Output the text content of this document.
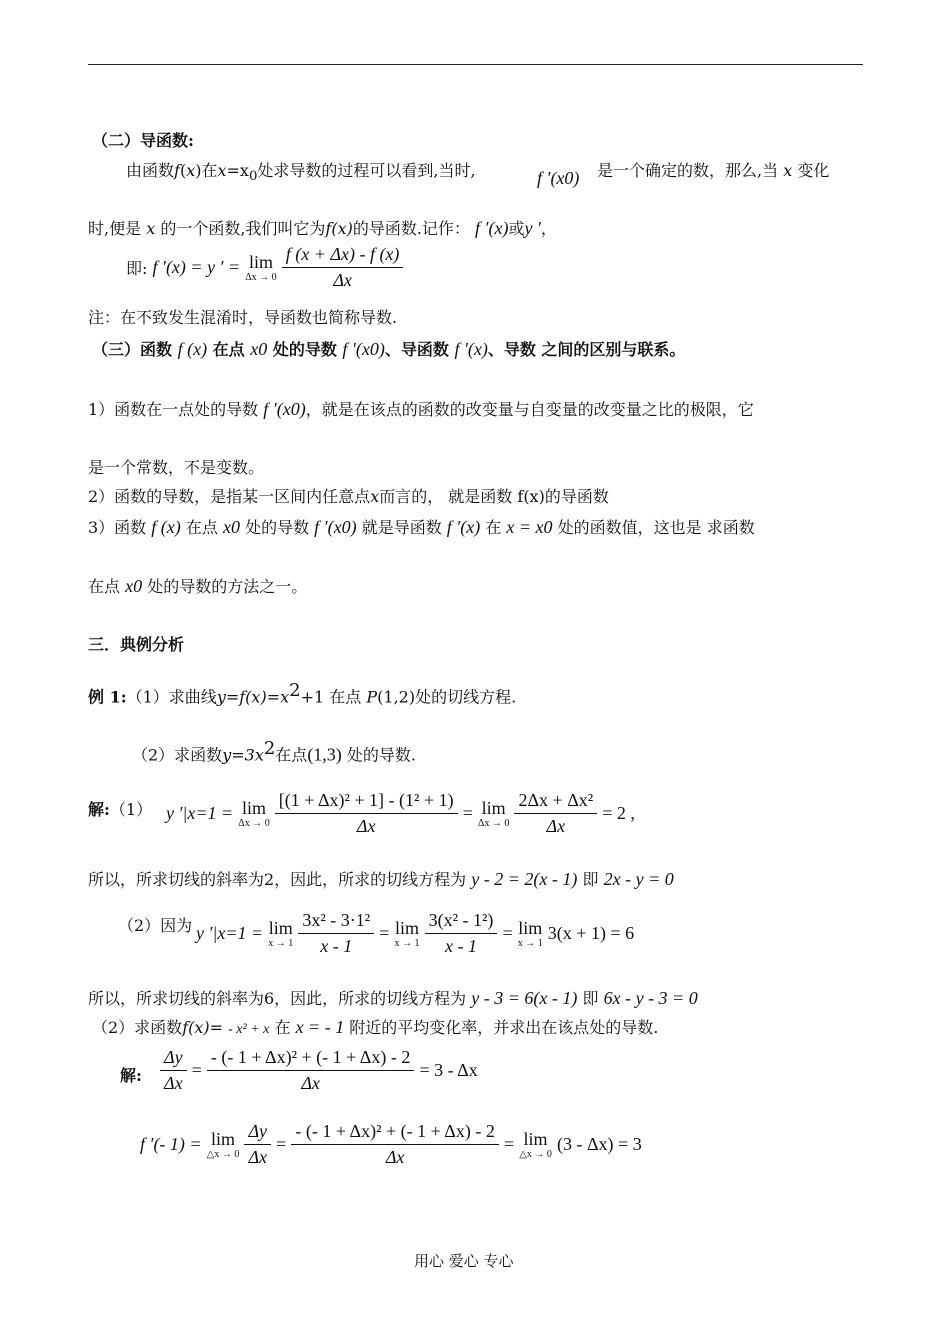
（二）导函数:
由函数f(x)在$x=x_0$处求导数的过程可以看到,当时,	f ′(x0) 是一个确定的数，那么,当 x 变化
时,便是 x 的一个函数,我们叫它为f(x)的导函数.记作： f ′(x)或y ′，
即: f ′(x) = y ′ = lim
Δx → 0
$\frac{f (x + \Delta x) - f (x)}{\Delta x}$
注：在不致发生混淆时，导函数也简称导数.
（三）函数 f (x) 在点 x0 处的导数 f ′(x0)、导函数 f ′(x)、导数 之间的区别与联系。
1）函数在一点处的导数 f ′(x0)，就是在该点的函数的改变量与自变量的改变量之比的极限，它
是一个常数，不是变数。
2）函数的导数，是指某一区间内任意点x而言的， 就是函数 f(x)的导函数
3）函数 f (x) 在点 x0 处的导数 f ′(x0) 就是导函数 f ′(x) 在 x = x0 处的函数值，这也是 求函数
在点 x0 处的导数的方法之一。
三．典例分析
例 1:（1）求曲线$y=f(x)=x^2+1$ 在点 P(1,2)处的切线方程.
（2）求函数$y=3x^2$在点(1,3) 处的导数.
解:（1） y ′|x=1 = lim
Δx → 0
$\frac{\text{[(1 + Δx)² + 1] - (1² + 1)}}{\Delta x} = \lim$
Δx → 0
$\frac{\text{2Δx + Δx²}}{\Delta x} = 2$ ,
所以，所求切线的斜率为2，因此，所求的切线方程为 y - 2 = 2(x - 1) 即 2x - y = 0
（2）因为 y ′|x=1 = lim
x → 1
$\frac{\text{3x² - 3·1²}}{x - 1} = \lim$
x → 1
$\frac{\text{3(x² - 1²)}}{x - 1} = \lim$
x → 1 3(x + 1) = 6
所以，所求切线的斜率为6，因此，所求的切线方程为 y - 3 = 6(x - 1) 即 6x - y - 3 = 0
（2）求函数f(x)= - x² + x 在 x = - 1 附近的平均变化率，并求出在该点处的导数.
解: $\frac{\Delta y}{\Delta x} = \frac{\text{- (- 1 + Δx)² + (- 1 + Δx) - 2}}{\Delta x} = 3 - \Delta x$
f ′(- 1) = lim
△x → 0
$\frac{\Delta y}{\Delta x} = \frac{\text{- (- 1 + Δx)² + (- 1 + Δx) - 2}}{\Delta x} = \lim$
△x → 0 (3 - Δx) = 3
用心 爱心 专心
